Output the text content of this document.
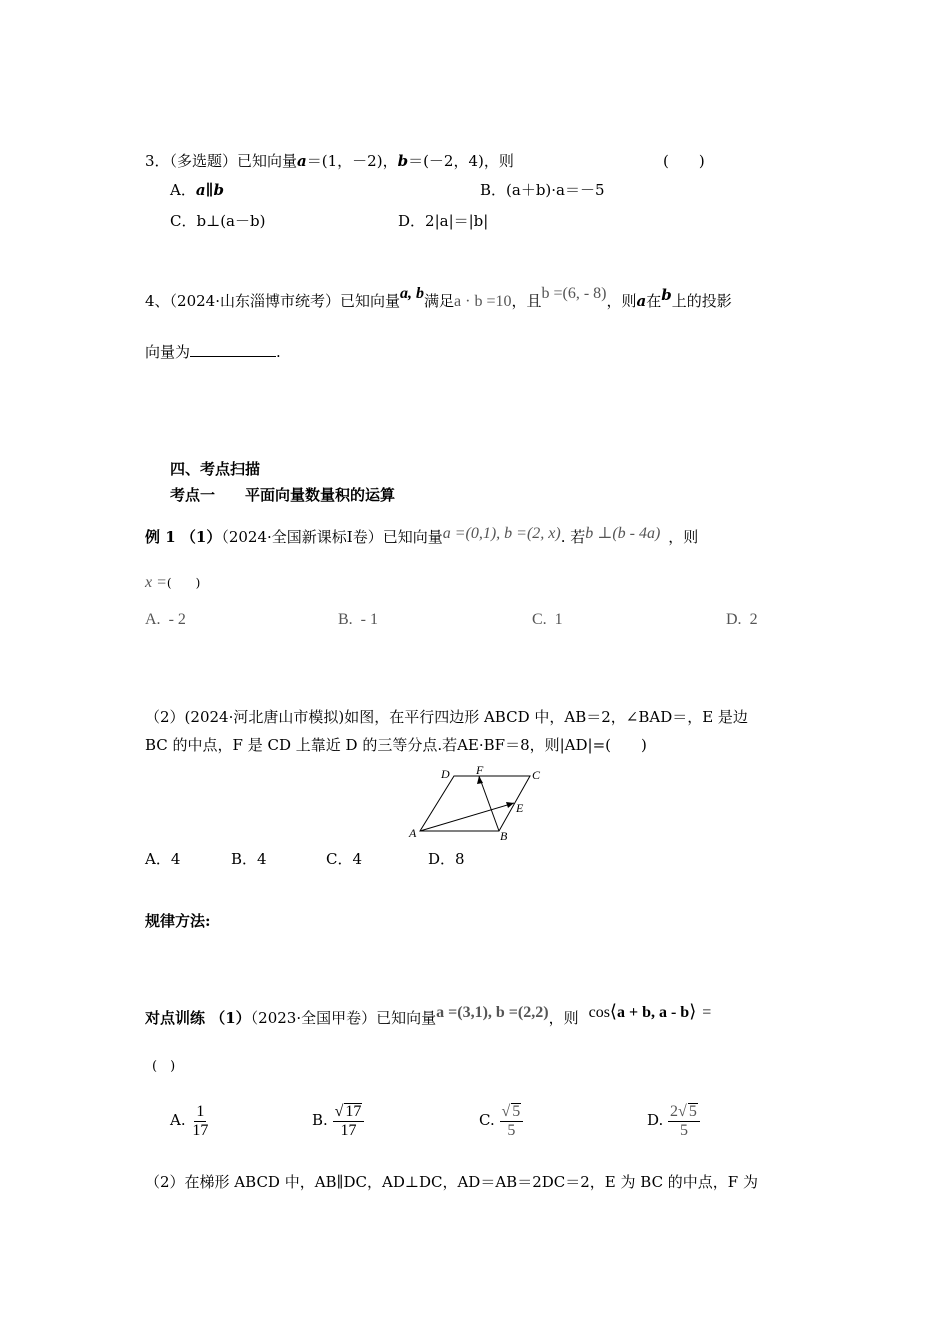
3．（多选题）已知向量a＝(1，－2)，b＝(－2，4)，则	(　　)
A．a∥b	B．(a＋b)·a＝－5
C．b⊥(a－b)	D．2|a|＝|b|
4、（2024·山东淄博市统考）已知向量a, b满足a · b =10，且b =(6, - 8)，则a在b上的投影
向量为	.
四、考点扫描
考点一　　平面向量数量积的运算
例 1 （1）（2024·全国新课标Ⅰ卷）已知向量a =(0,1), b =(2, x). 若b ⊥(b - 4a) ，则
x =(　　)
A. - 2	B. - 1	C. 1	D. 2
（2）(2024·河北唐山市模拟)如图，在平行四边形 ABCD 中，AB＝2，∠BAD＝，E 是边
BC 的中点，F 是 CD 上靠近 D 的三等分点.若AE·BF＝8，则|AD|=(　　)
A	B
C
D
E
F
A．4	B．4	C．4	D．8
规律方法:
对点训练 （1）（2023·全国甲卷）已知向量a =(3,1), b =(2,2)，则 cos⟨a + b, a - b⟩ =
(　)
A. $\frac{1}{17}$	B. $\frac{√ 17}{17}$	C. $\frac{√ 5}{5}$	D. $\frac{2√ 5}{5}$
（2）在梯形 ABCD 中，AB∥DC，AD⊥DC，AD＝AB＝2DC＝2，E 为 BC 的中点，F 为
